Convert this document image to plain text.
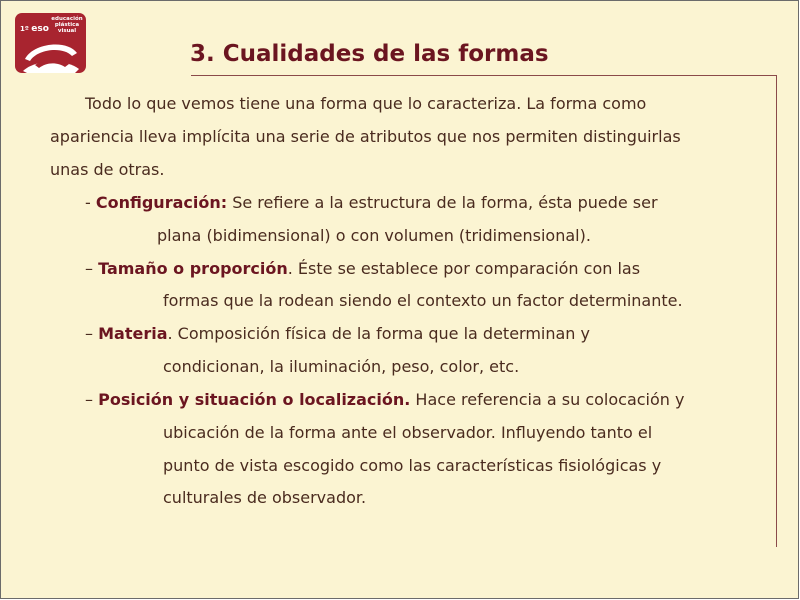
1º eso
educación
plástica
visual
3. Cualidades de las formas
Todo lo que vemos tiene una forma que lo caracteriza. La forma como
apariencia lleva implícita una serie de atributos que nos permiten distinguirlas
unas de otras.
- Configuración: Se refiere a la estructura de la forma, ésta puede ser
plana (bidimensional) o con volumen (tridimensional).
– Tamaño o proporción. Éste se establece por comparación con las
formas que la rodean siendo el contexto un factor determinante.
– Materia. Composición física de la forma que la determinan y
condicionan, la iluminación, peso, color, etc.
– Posición y situación o localización. Hace referencia a su colocación y
ubicación de la forma ante el observador. Influyendo tanto el
punto de vista escogido como las características fisiológicas y
culturales de observador.
